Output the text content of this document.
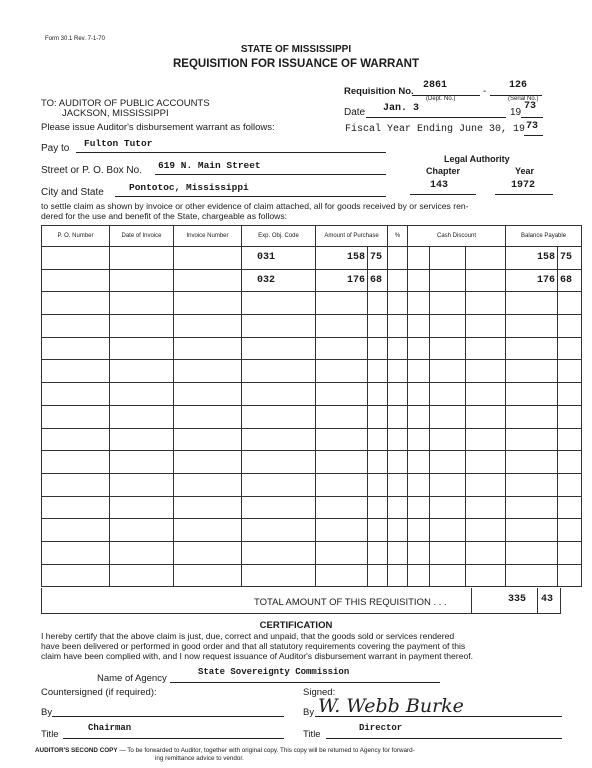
Form 30.1 Rev. 7-1-70
STATE OF MISSISSIPPI
REQUISITION FOR ISSUANCE OF WARRANT
TO: AUDITOR OF PUBLIC ACCOUNTS
JACKSON, MISSISSIPPI
Please issue Auditor's disbursement warrant as follows:
Requisition No.
2861
-
126
(Dept. No.)	(Serial No.)
Date Jan. 3	19
73
Fiscal Year Ending June 30, 19 73
Pay to Fulton Tutor
Street or P. O. Box No. 619 N. Main Street
City and State	Pontotoc, Mississippi
Legal Authority
Chapter	Year
143	1972
to settle claim as shown by invoice or other evidence of claim attached, all for goods received by or services ren-
dered for the use and benefit of the State, chargeable as follows:
P. O. Number	Date of Invoice	Invoice Number	Exp. Obj. Code	Amount of Purchase		%	Cash Discount			Balance Payable	
			031	158	75					158	75
			032	176	68					176	68

TOTAL AMOUNT OF THIS REQUISITION . . .	335 43
CERTIFICATION
I hereby certify that the above claim is just, due, correct and unpaid, that the goods sold or services rendered
have been delivered or performed in good order and that all statutory requirements covering the payment of this
claim have been complied with, and I now request issuance of Auditor's disbursement warrant in payment thereof.
Name of Agency
State Sovereignty Commission
Countersigned (if required):	Signed:
By	By W. Webb Burke
Title
Chairman
Title
Director
AUDITOR'S SECOND COPY — To be forwarded to Auditor, together with original copy. This copy will be returned to Agency for forward-
ing remittance advice to vendor.
